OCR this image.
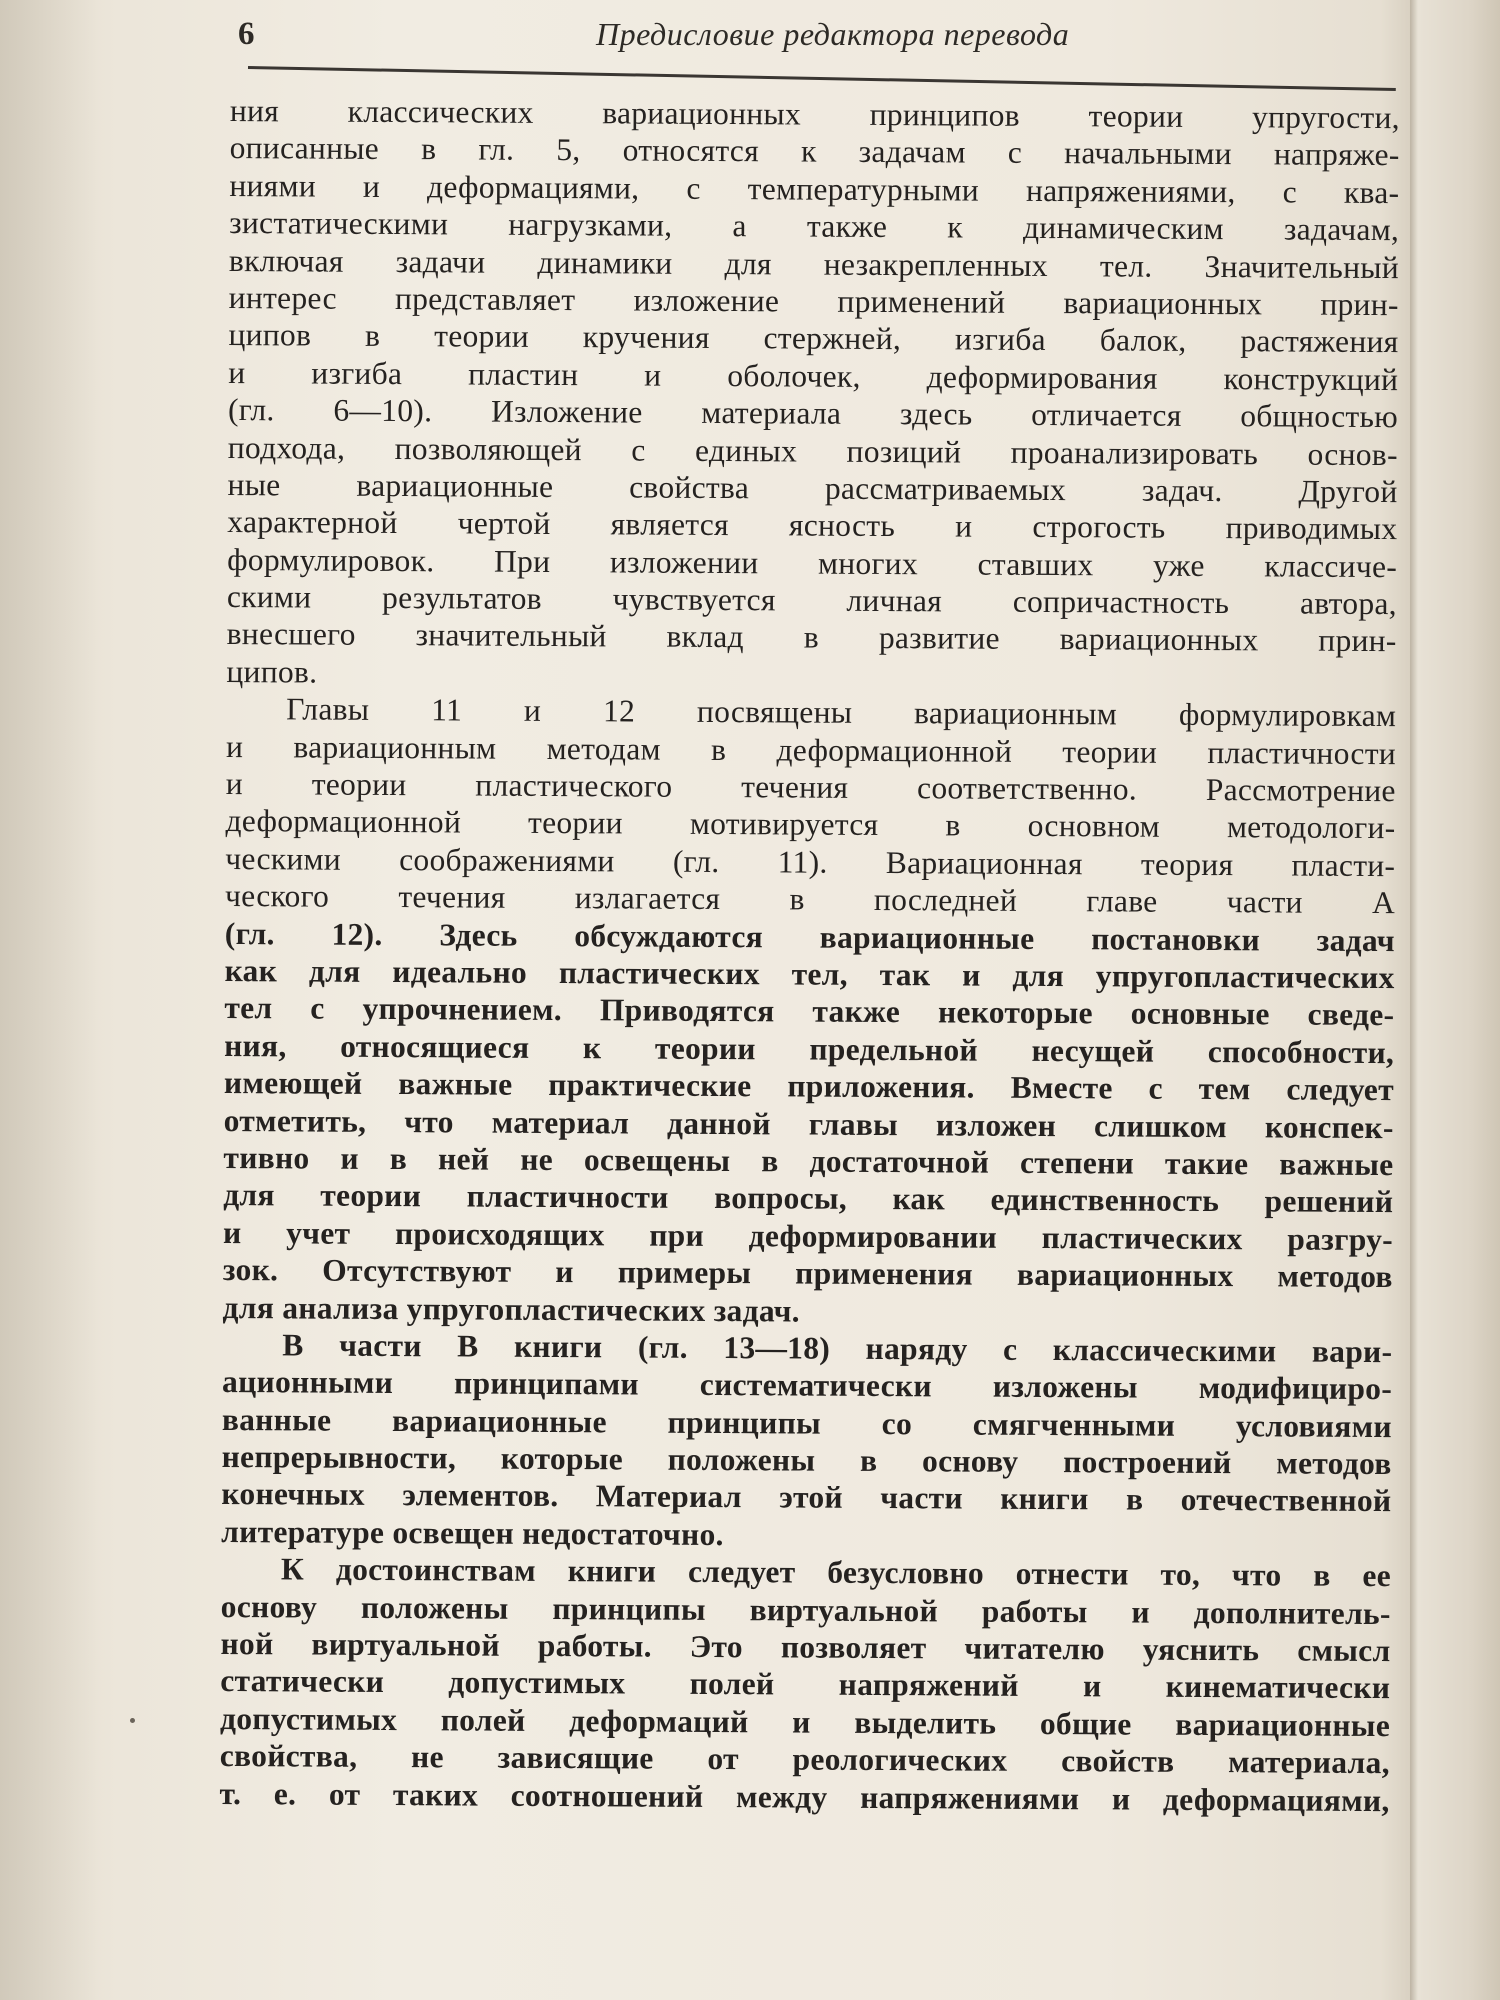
6	Предисловие редактора перевода
ния классических вариационных принципов теории упругости,
описанные в гл. 5, относятся к задачам с начальными напряже-
ниями и деформациями, с температурными напряжениями, с ква-
зистатическими нагрузками, а также к динамическим задачам,
включая задачи динамики для незакрепленных тел. Значительный
интерес представляет изложение применений вариационных прин-
ципов в теории кручения стержней, изгиба балок, растяжения
и изгиба пластин и оболочек, деформирования конструкций
(гл. 6—10). Изложение материала здесь отличается общностью
подхода, позволяющей с единых позиций проанализировать основ-
ные вариационные свойства рассматриваемых задач. Другой
характерной чертой является ясность и строгость приводимых
формулировок. При изложении многих ставших уже классиче-
скими результатов чувствуется личная сопричастность автора,
внесшего значительный вклад в развитие вариационных прин-
ципов.
Главы 11 и 12 посвящены вариационным формулировкам
и вариационным методам в деформационной теории пластичности
и теории пластического течения соответственно. Рассмотрение
деформационной теории мотивируется в основном методологи-
ческими соображениями (гл. 11). Вариационная теория пласти-
ческого течения излагается в последней главе части А
(гл. 12). Здесь обсуждаются вариационные постановки задач
как для идеально пластических тел, так и для упругопластических
тел с упрочнением. Приводятся также некоторые основные сведе-
ния, относящиеся к теории предельной несущей способности,
имеющей важные практические приложения. Вместе с тем следует
отметить, что материал данной главы изложен слишком конспек-
тивно и в ней не освещены в достаточной степени такие важные
для теории пластичности вопросы, как единственность решений
и учет происходящих при деформировании пластических разгру-
зок. Отсутствуют и примеры применения вариационных методов
для анализа упругопластических задач.
В части В книги (гл. 13—18) наряду с классическими вари-
ационными принципами систематически изложены модифициро-
ванные вариационные принципы со смягченными условиями
непрерывности, которые положены в основу построений методов
конечных элементов. Материал этой части книги в отечественной
литературе освещен недостаточно.
К достоинствам книги следует безусловно отнести то, что в ее
основу положены принципы виртуальной работы и дополнитель-
ной виртуальной работы. Это позволяет читателю уяснить смысл
статически допустимых полей напряжений и кинематически
допустимых полей деформаций и выделить общие вариационные
свойства, не зависящие от реологических свойств материала,
т. е. от таких соотношений между напряжениями и деформациями,
